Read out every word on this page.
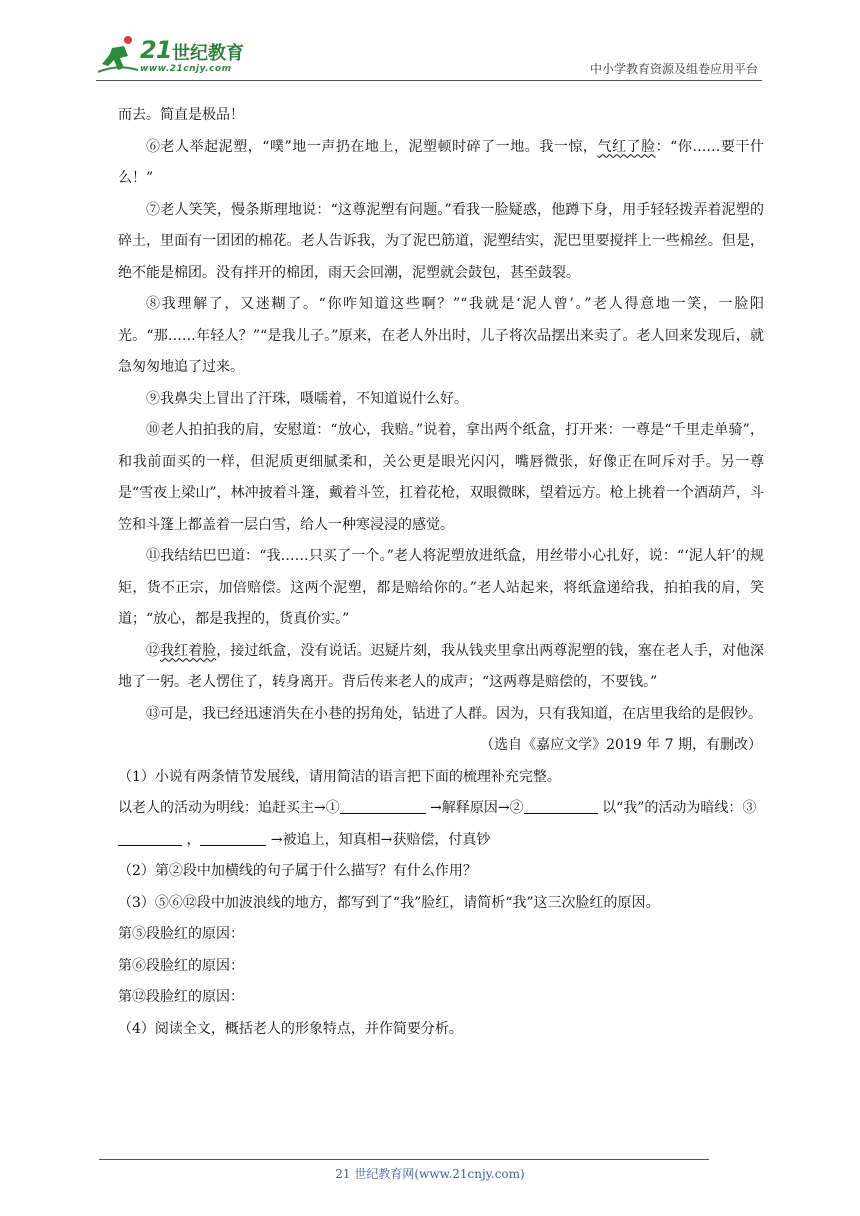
21 世纪教育
www.21cnjy.com	中小学教育资源及组卷应用平台

而去。简直是极品！

⑥老人举起泥塑，“噗”地一声扔在地上，泥塑顿时碎了一地。我一惊，气红了脸：“你……要干什么！”

⑦老人笑笑，慢条斯理地说：“这尊泥塑有问题。”看我一脸疑惑，他蹲下身，用手轻轻拨弄着泥塑的碎土，里面有一团团的棉花。老人告诉我，为了泥巴筋道，泥塑结实，泥巴里要搅拌上一些棉丝。但是，绝不能是棉团。没有拌开的棉团，雨天会回潮，泥塑就会鼓包，甚至鼓裂。

⑧我理解了，又迷糊了。“你咋知道这些啊？”“我就是‘泥人曾’。”老人得意地一笑，一脸阳光。“那……年轻人？”“是我儿子。”原来，在老人外出时，儿子将次品摆出来卖了。老人回来发现后，就急匆匆地追了过来。

⑨我鼻尖上冒出了汗珠，嗫嚅着，不知道说什么好。

⑩老人拍拍我的肩，安慰道：“放心，我赔。”说着，拿出两个纸盒，打开来：一尊是“千里走单骑”，和我前面买的一样，但泥质更细腻柔和，关公更是眼光闪闪，嘴唇微张，好像正在呵斥对手。另一尊是“雪夜上梁山”，林冲披着斗篷，戴着斗笠，扛着花枪，双眼微眯，望着远方。枪上挑着一个酒葫芦，斗笠和斗篷上都盖着一层白雪，给人一种寒浸浸的感觉。

⑪我结结巴巴道：“我……只买了一个。”老人将泥塑放进纸盒，用丝带小心扎好，说：“‘泥人轩’的规矩，货不正宗，加倍赔偿。这两个泥塑，都是赔给你的。”老人站起来，将纸盒递给我，拍拍我的肩，笑道；“放心，都是我捏的，货真价实。”

⑫我红着脸，接过纸盒，没有说话。迟疑片刻，我从钱夹里拿出两尊泥塑的钱，塞在老人手，对他深地了一躬。老人愣住了，转身离开。背后传来老人的成声；“这两尊是赔偿的，不要钱。”

⑬可是，我已经迅速消失在小巷的拐角处，钻进了人群。因为，只有我知道，在店里我给的是假钞。

（选自《嘉应文学》2019 年 7 期，有删改）

（1）小说有两条情节发展线，请用简洁的语言把下面的梳理补充完整。

以老人的活动为明线：追赶买主→①	→解释原因→②	以“我”的活动为暗线：③

，	→被追上，知真相→获赔偿，付真钞

（2）第②段中加横线的句子属于什么描写？有什么作用？

（3）⑤⑥⑫段中加波浪线的地方，都写到了“我”脸红，请简析“我”这三次脸红的原因。

第⑤段脸红的原因：

第⑥段脸红的原因：

第⑫段脸红的原因：

（4）阅读全文，概括老人的形象特点，并作简要分析。

21 世纪教育网(www.21cnjy.com)
